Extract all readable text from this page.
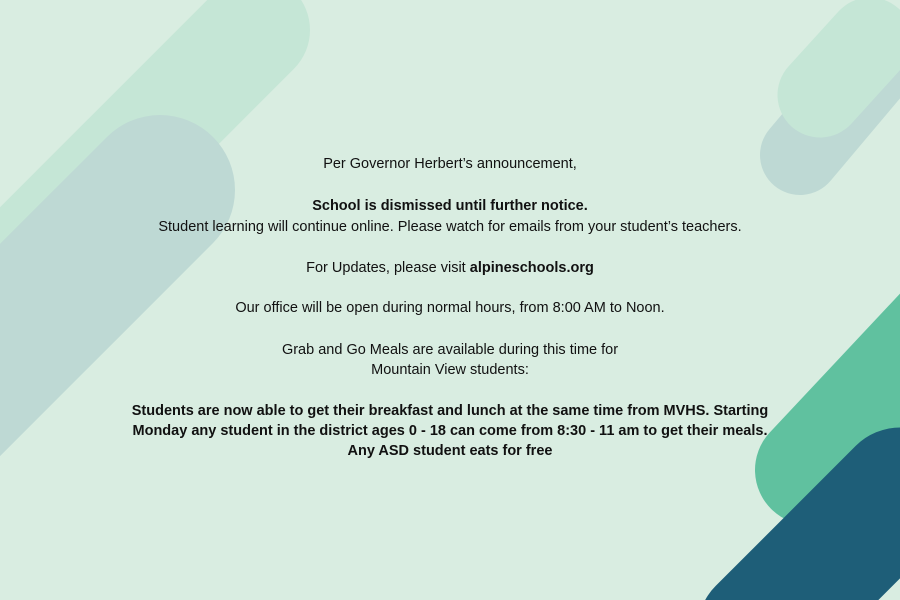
Per Governor Herbert’s announcement,
School is dismissed until further notice.
Student learning will continue online. Please watch for emails from your student’s teachers.
For Updates, please visit alpineschools.org
Our office will be open during normal hours, from 8:00 AM to Noon.
Grab and Go Meals are available during this time for
Mountain View students:
Students are now able to get their breakfast and lunch at the same time from MVHS. Starting
Monday any student in the district ages 0 - 18 can come from 8:30 - 11 am to get their meals.
Any ASD student eats for free
